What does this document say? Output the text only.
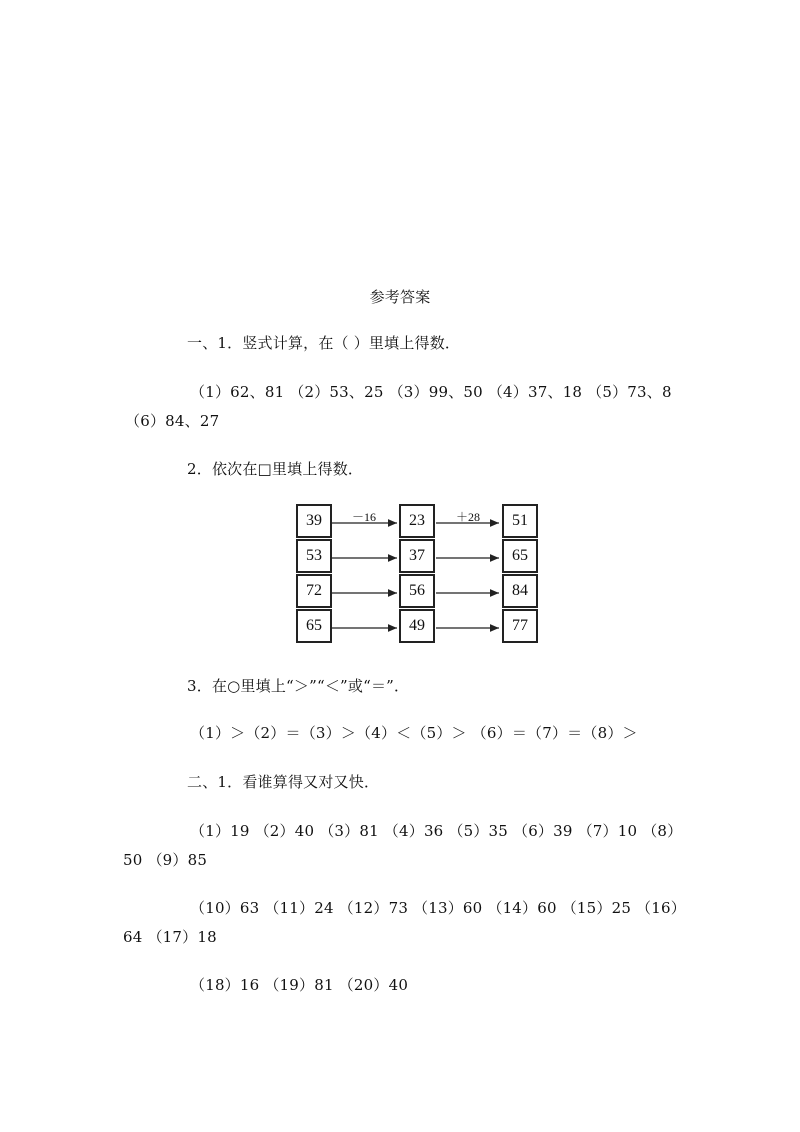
参考答案
一、1．竖式计算，在（ ）里填上得数．
（1）62、81 （2）53、25 （3）99、50 （4）37、18 （5）73、8
（6）84、27
2．依次在□里填上得数．
－16	＋28
39
53
72
65
23
37
56
49
51
65
84
77
3．在○里填上“＞”“＜”或“＝”．
（1）＞（2）＝（3）＞（4）＜（5）＞ （6）＝（7）＝（8）＞
二、1．看谁算得又对又快．
（1）19 （2）40 （3）81 （4）36 （5）35 （6）39 （7）10 （8）
50 （9）85
（10）63 （11）24 （12）73 （13）60 （14）60 （15）25 （16）
64 （17）18
（18）16 （19）81 （20）40
